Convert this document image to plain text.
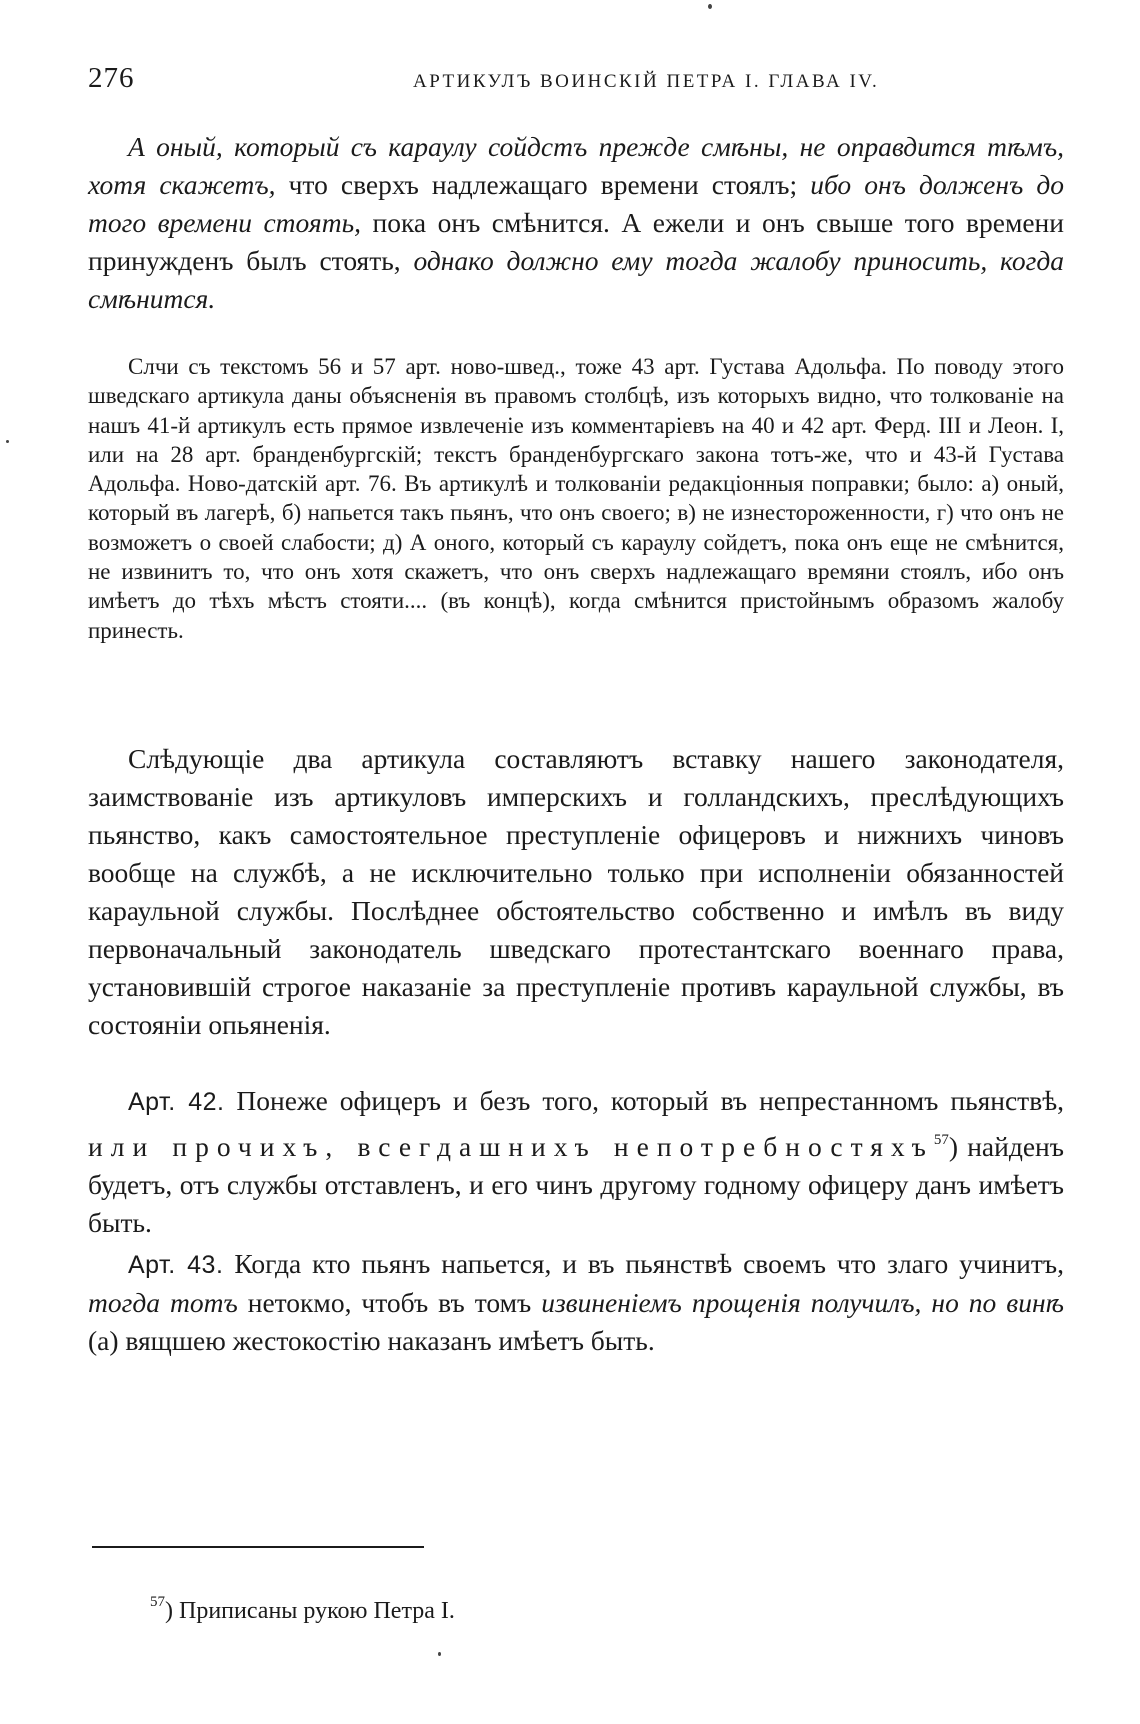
276	АРТИКУЛЪ ВОИНСКІЙ ПЕТРА I. ГЛАВА IV.

А оный, который съ караулу сойдстъ прежде смѣны, не оправдится тѣмъ, хотя скажетъ, что сверхъ надлежащаго времени стоялъ; ибо онъ долженъ до того времени стоять, пока онъ смѣнится. А ежели и онъ свыше того времени принужденъ былъ стоять, однако должно ему тогда жалобу приносить, когда смѣнится.

Слчи съ текстомъ 56 и 57 арт. ново-швед., тоже 43 арт. Густава Адольфа. По поводу этого шведскаго артикула даны объясненія въ правомъ столбцѣ, изъ которыхъ видно, что толкованіе на нашъ 41-й артикулъ есть прямое извлеченіе изъ комментаріевъ на 40 и 42 арт. Ферд. III и Леон. I, или на 28 арт. бранденбургскій; текстъ бранденбургскаго закона тотъ-же, что и 43-й Густава Адольфа. Ново-датскій арт. 76. Въ артикулѣ и толкованіи редакціонныя поправки; было: а) оный, который въ лагерѣ, б) напьется такъ пьянъ, что онъ своего; в) не изнестороженности, г) что онъ не возможетъ о своей слабости; д) А оного, который съ караулу сойдетъ, пока онъ еще не смѣнится, не извинитъ то, что онъ хотя скажетъ, что онъ сверхъ надлежащаго времяни стоялъ, ибо онъ имѣетъ до тѣхъ мѣстъ стояти.... (въ концѣ), когда смѣнится пристойнымъ образомъ жалобу принесть.

Слѣдующіе два артикула составляютъ вставку нашего законодателя, заимствованіе изъ артикуловъ имперскихъ и голландскихъ, преслѣдующихъ пьянство, какъ самостоятельное преступленіе офицеровъ и нижнихъ чиновъ вообще на службѣ, а не исключительно только при исполненіи обязанностей караульной службы. Послѣднее обстоятельство собственно и имѣлъ въ виду первоначальный законодатель шведскаго протестантскаго военнаго права, установившій строгое наказаніе за преступленіе противъ караульной службы, въ состояніи опьяненія.

Арт. 42. Понеже офицеръ и безъ того, который въ непрестанномъ пьянствѣ, или прочихъ, всегдашнихъ непотребностяхъ$^{57}$) найденъ будетъ, отъ службы отставленъ, и его чинъ другому годному офицеру данъ имѣетъ быть.

Арт. 43. Когда кто пьянъ напьется, и въ пьянствѣ своемъ что злаго учинитъ, тогда тотъ нетокмо, чтобъ въ томъ извиненіемъ прощенія получилъ, но по винѣ (а) вящшею жестокостію наказанъ имѣетъ быть.

$^{57}$) Приписаны рукою Петра I.
